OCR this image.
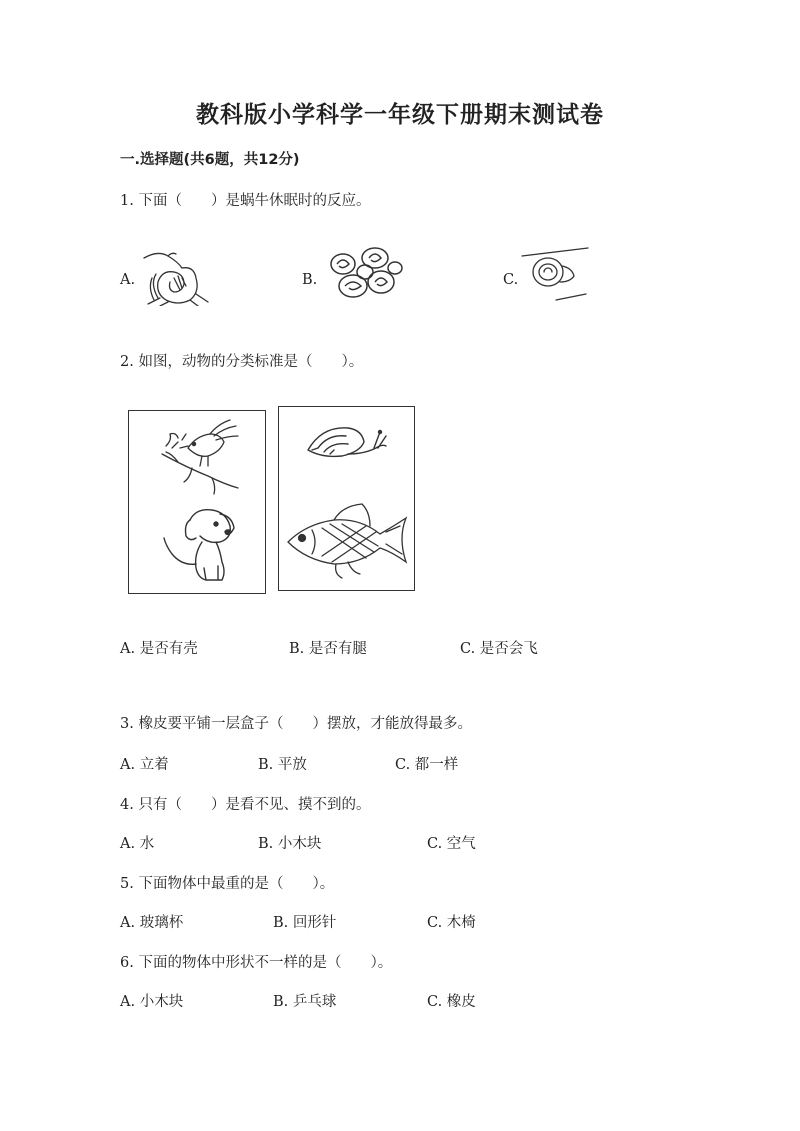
教科版小学科学一年级下册期末测试卷
一.选择题(共6题，共12分)
1. 下面（　　）是蜗牛休眠时的反应。
A.	B.	C.
2. 如图，动物的分类标准是（　　）。
A. 是否有壳	B. 是否有腿	C. 是否会飞
3. 橡皮要平铺一层盒子（　　）摆放，才能放得最多。
A. 立着	B. 平放	C. 都一样
4. 只有（　　）是看不见、摸不到的。
A. 水	B. 小木块	C. 空气
5. 下面物体中最重的是（　　）。
A. 玻璃杯	B. 回形针	C. 木椅
6. 下面的物体中形状不一样的是（　　）。
A. 小木块	B. 乒乓球	C. 橡皮
